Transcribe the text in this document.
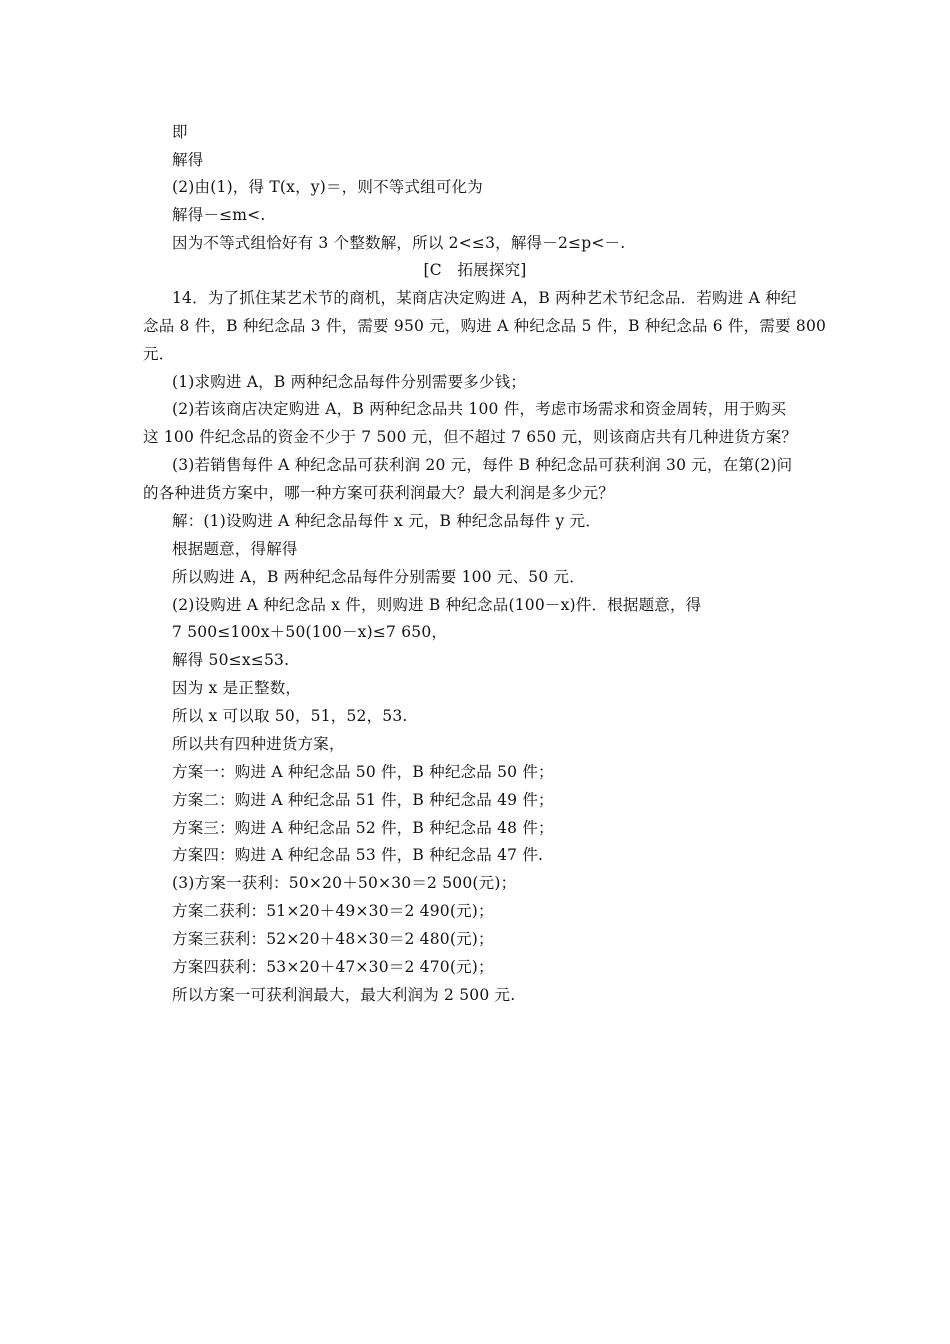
即
解得
(2)由(1)，得 T(x，y)＝，则不等式组可化为
解得－≤m<.
因为不等式组恰好有 3 个整数解，所以 2<≤3，解得－2≤p<－.
[C　拓展探究]
14．为了抓住某艺术节的商机，某商店决定购进 A，B 两种艺术节纪念品．若购进 A 种纪
念品 8 件，B 种纪念品 3 件，需要 950 元，购进 A 种纪念品 5 件，B 种纪念品 6 件，需要 800
元．
(1)求购进 A，B 两种纪念品每件分别需要多少钱；
(2)若该商店决定购进 A，B 两种纪念品共 100 件，考虑市场需求和资金周转，用于购买
这 100 件纪念品的资金不少于 7 500 元，但不超过 7 650 元，则该商店共有几种进货方案？
(3)若销售每件 A 种纪念品可获利润 20 元，每件 B 种纪念品可获利润 30 元，在第(2)问
的各种进货方案中，哪一种方案可获利润最大？最大利润是多少元？
解：(1)设购进 A 种纪念品每件 x 元，B 种纪念品每件 y 元．
根据题意，得解得
所以购进 A，B 两种纪念品每件分别需要 100 元、50 元．
(2)设购进 A 种纪念品 x 件，则购进 B 种纪念品(100－x)件．根据题意，得
7 500≤100x＋50(100－x)≤7 650，
解得 50≤x≤53.
因为 x 是正整数，
所以 x 可以取 50，51，52，53.
所以共有四种进货方案，
方案一：购进 A 种纪念品 50 件，B 种纪念品 50 件；
方案二：购进 A 种纪念品 51 件，B 种纪念品 49 件；
方案三：购进 A 种纪念品 52 件，B 种纪念品 48 件；
方案四：购进 A 种纪念品 53 件，B 种纪念品 47 件.
(3)方案一获利：50×20＋50×30＝2 500(元)；
方案二获利：51×20＋49×30＝2 490(元)；
方案三获利：52×20＋48×30＝2 480(元)；
方案四获利：53×20＋47×30＝2 470(元)；
所以方案一可获利润最大，最大利润为 2 500 元.
